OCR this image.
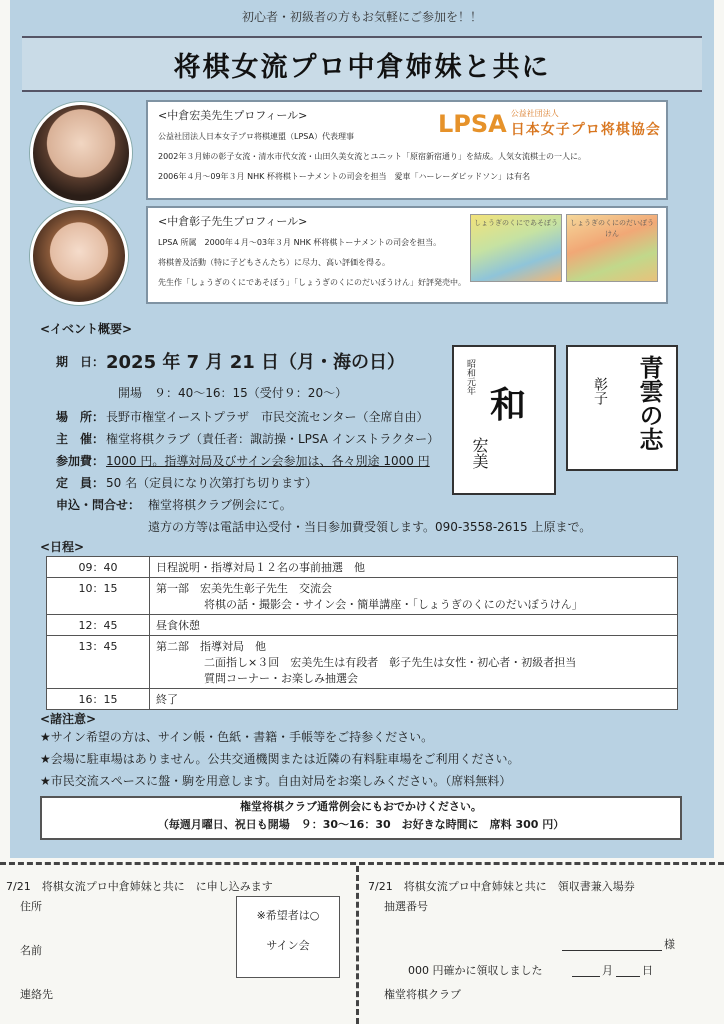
初心者・初級者の方もお気軽にご参加を！！
将棋女流プロ中倉姉妹と共に
<中倉宏美先生プロフィール>

公益社団法人日本女子プロ将棋連盟（LPSA）代表理事

2002年３月姉の彰子女流・清水市代女流・山田久美女流とユニット「原宿新宿通り」を結成。人気女流棋士の一人に。

2006年４月～09年３月 NHK 杯将棋トーナメントの司会を担当　愛車「ハーレーダビッドソン」は有名

LPSA 公益社団法人
日本女子プロ将棋協会
<中倉彰子先生プロフィール>

LPSA 所属　2000年４月～03年３月 NHK 杯将棋トーナメントの司会を担当。

将棋普及活動（特に子どもさんたち）に尽力、高い評価を得る。

先生作「しょうぎのくにであそぼう」「しょうぎのくにのだいぼうけん」好評発売中。

しょうぎのくにであそぼう	しょうぎのくにのだいぼうけん
<イベント概要>
期　日： 2025 年 7 月 21 日（月・海の日）
開場　９：40～16：15（受付９：20～）
場　所： 長野市権堂イーストプラザ　市民交流センター（全席自由）
主　催： 権堂将棋クラブ（責任者：諏訪操・LPSA インストラクター）
参加費： 1000 円。指導対局及びサイン会参加は、各々別途 1000 円
定　員： 50 名（定員になり次第打ち切ります）
申込・問合せ： 権堂将棋クラブ例会にて。
遠方の方等は電話申込受付・当日参加費受領します。090-3558-2615 上原まで。
和
昭和元年
宏美
青雲の志
彰子
<日程>
09：40	日程説明・指導対局１２名の事前抽選　他

10：15	第一部　宏美先生彰子先生　交流会
将棋の話・撮影会・サイン会・簡単講座・「しょうぎのくにのだいぼうけん」

12：45	昼食休憩

13：45	第二部　指導対局　他
二面指し×３回　宏美先生は有段者　彰子先生は女性・初心者・初級者担当
質問コーナー・お楽しみ抽選会

16：15	終了
<諸注意>
★サイン希望の方は、サイン帳・色紙・書籍・手帳等をご持参ください。
★会場に駐車場はありません。公共交通機関または近隣の有料駐車場をご利用ください。
★市民交流スペースに盤・駒を用意します。自由対局をお楽しみください。（席料無料）
権堂将棋クラブ通常例会にもおでかけください。
（毎週月曜日、祝日も開場　９：30～16：30　お好きな時間に　席料 300 円）
7/21　将棋女流プロ中倉姉妹と共に　に申し込みます
住所
名前
連絡先
※希望者は○
サイン会
7/21　将棋女流プロ中倉姉妹と共に　領収書兼入場券
抽選番号
様
000 円確かに領収しました	月	日
権堂将棋クラブ
